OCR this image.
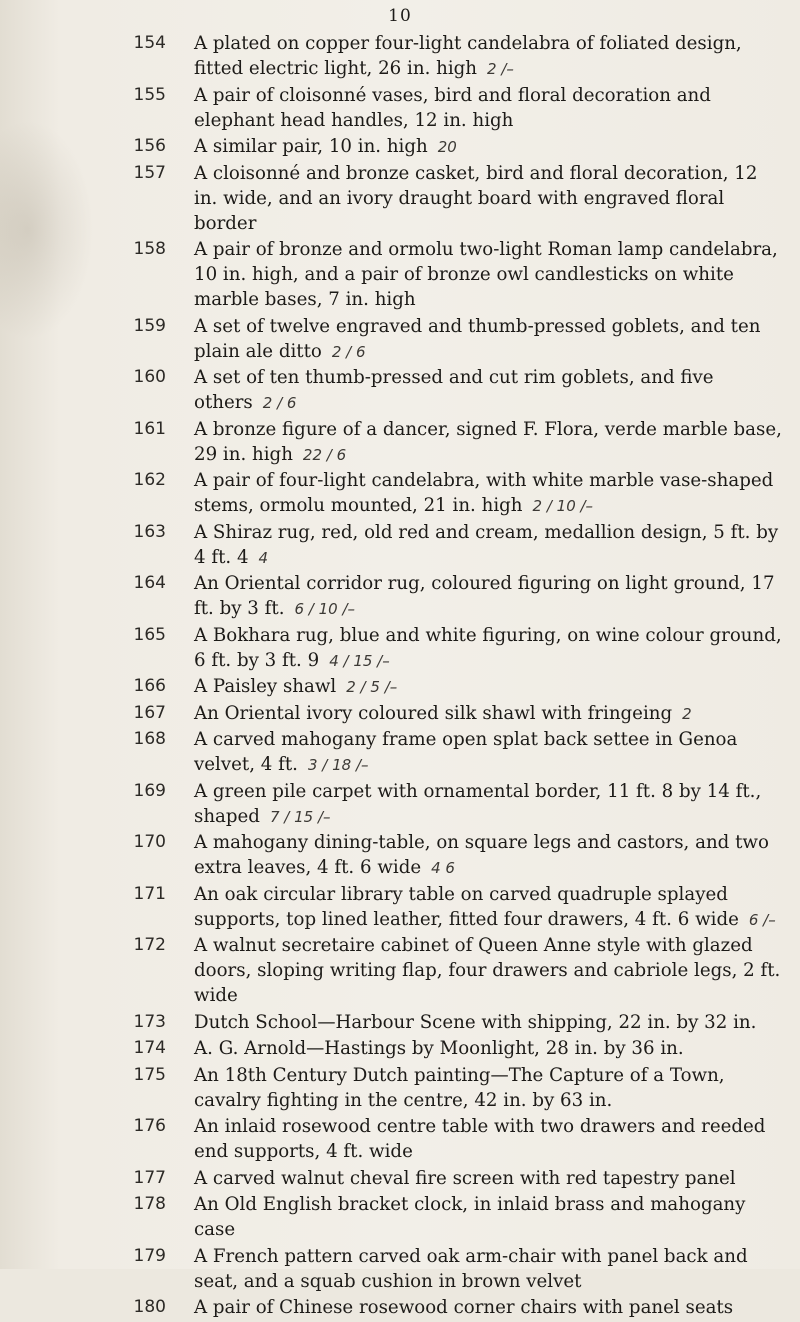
10
154	A plated on copper four-light candelabra of foliated design, fitted electric light, 26 in. high 2 /–
155	A pair of cloisonné vases, bird and floral decoration and elephant head handles, 12 in. high
156	A similar pair, 10 in. high 20
157	A cloisonné and bronze casket, bird and floral decoration, 12 in. wide, and an ivory draught board with engraved floral border
158	A pair of bronze and ormolu two-light Roman lamp candelabra, 10 in. high, and a pair of bronze owl candlesticks on white marble bases, 7 in. high
159	A set of twelve engraved and thumb-pressed goblets, and ten plain ale ditto 2 / 6
160	A set of ten thumb-pressed and cut rim goblets, and five others 2 / 6
161	A bronze figure of a dancer, signed F. Flora, verde marble base, 29 in. high 22 / 6
162	A pair of four-light candelabra, with white marble vase-shaped stems, ormolu mounted, 21 in. high 2 / 10 /–
163	A Shiraz rug, red, old red and cream, medallion design, 5 ft. by 4 ft. 4 4
164	An Oriental corridor rug, coloured figuring on light ground, 17 ft. by 3 ft. 6 / 10 /–
165	A Bokhara rug, blue and white figuring, on wine colour ground, 6 ft. by 3 ft. 9 4 / 15 /–
166	A Paisley shawl 2 / 5 /–
167	An Oriental ivory coloured silk shawl with fringeing 2
168	A carved mahogany frame open splat back settee in Genoa velvet, 4 ft. 3 / 18 /–
169	A green pile carpet with ornamental border, 11 ft. 8 by 14 ft., shaped 7 / 15 /–
170	A mahogany dining-table, on square legs and castors, and two extra leaves, 4 ft. 6 wide 4 6
171	An oak circular library table on carved quadruple splayed supports, top lined leather, fitted four drawers, 4 ft. 6 wide 6 /–
172	A walnut secretaire cabinet of Queen Anne style with glazed doors, sloping writing flap, four drawers and cabriole legs, 2 ft. wide
173	Dutch School—Harbour Scene with shipping, 22 in. by 32 in.
174	A. G. Arnold—Hastings by Moonlight, 28 in. by 36 in.
175	An 18th Century Dutch painting—The Capture of a Town, cavalry fighting in the centre, 42 in. by 63 in.
176	An inlaid rosewood centre table with two drawers and reeded end supports, 4 ft. wide
177	A carved walnut cheval fire screen with red tapestry panel
178	An Old English bracket clock, in inlaid brass and mahogany case
179	A French pattern carved oak arm-chair with panel back and seat, and a squab cushion in brown velvet
180	A pair of Chinese rosewood corner chairs with panel seats
